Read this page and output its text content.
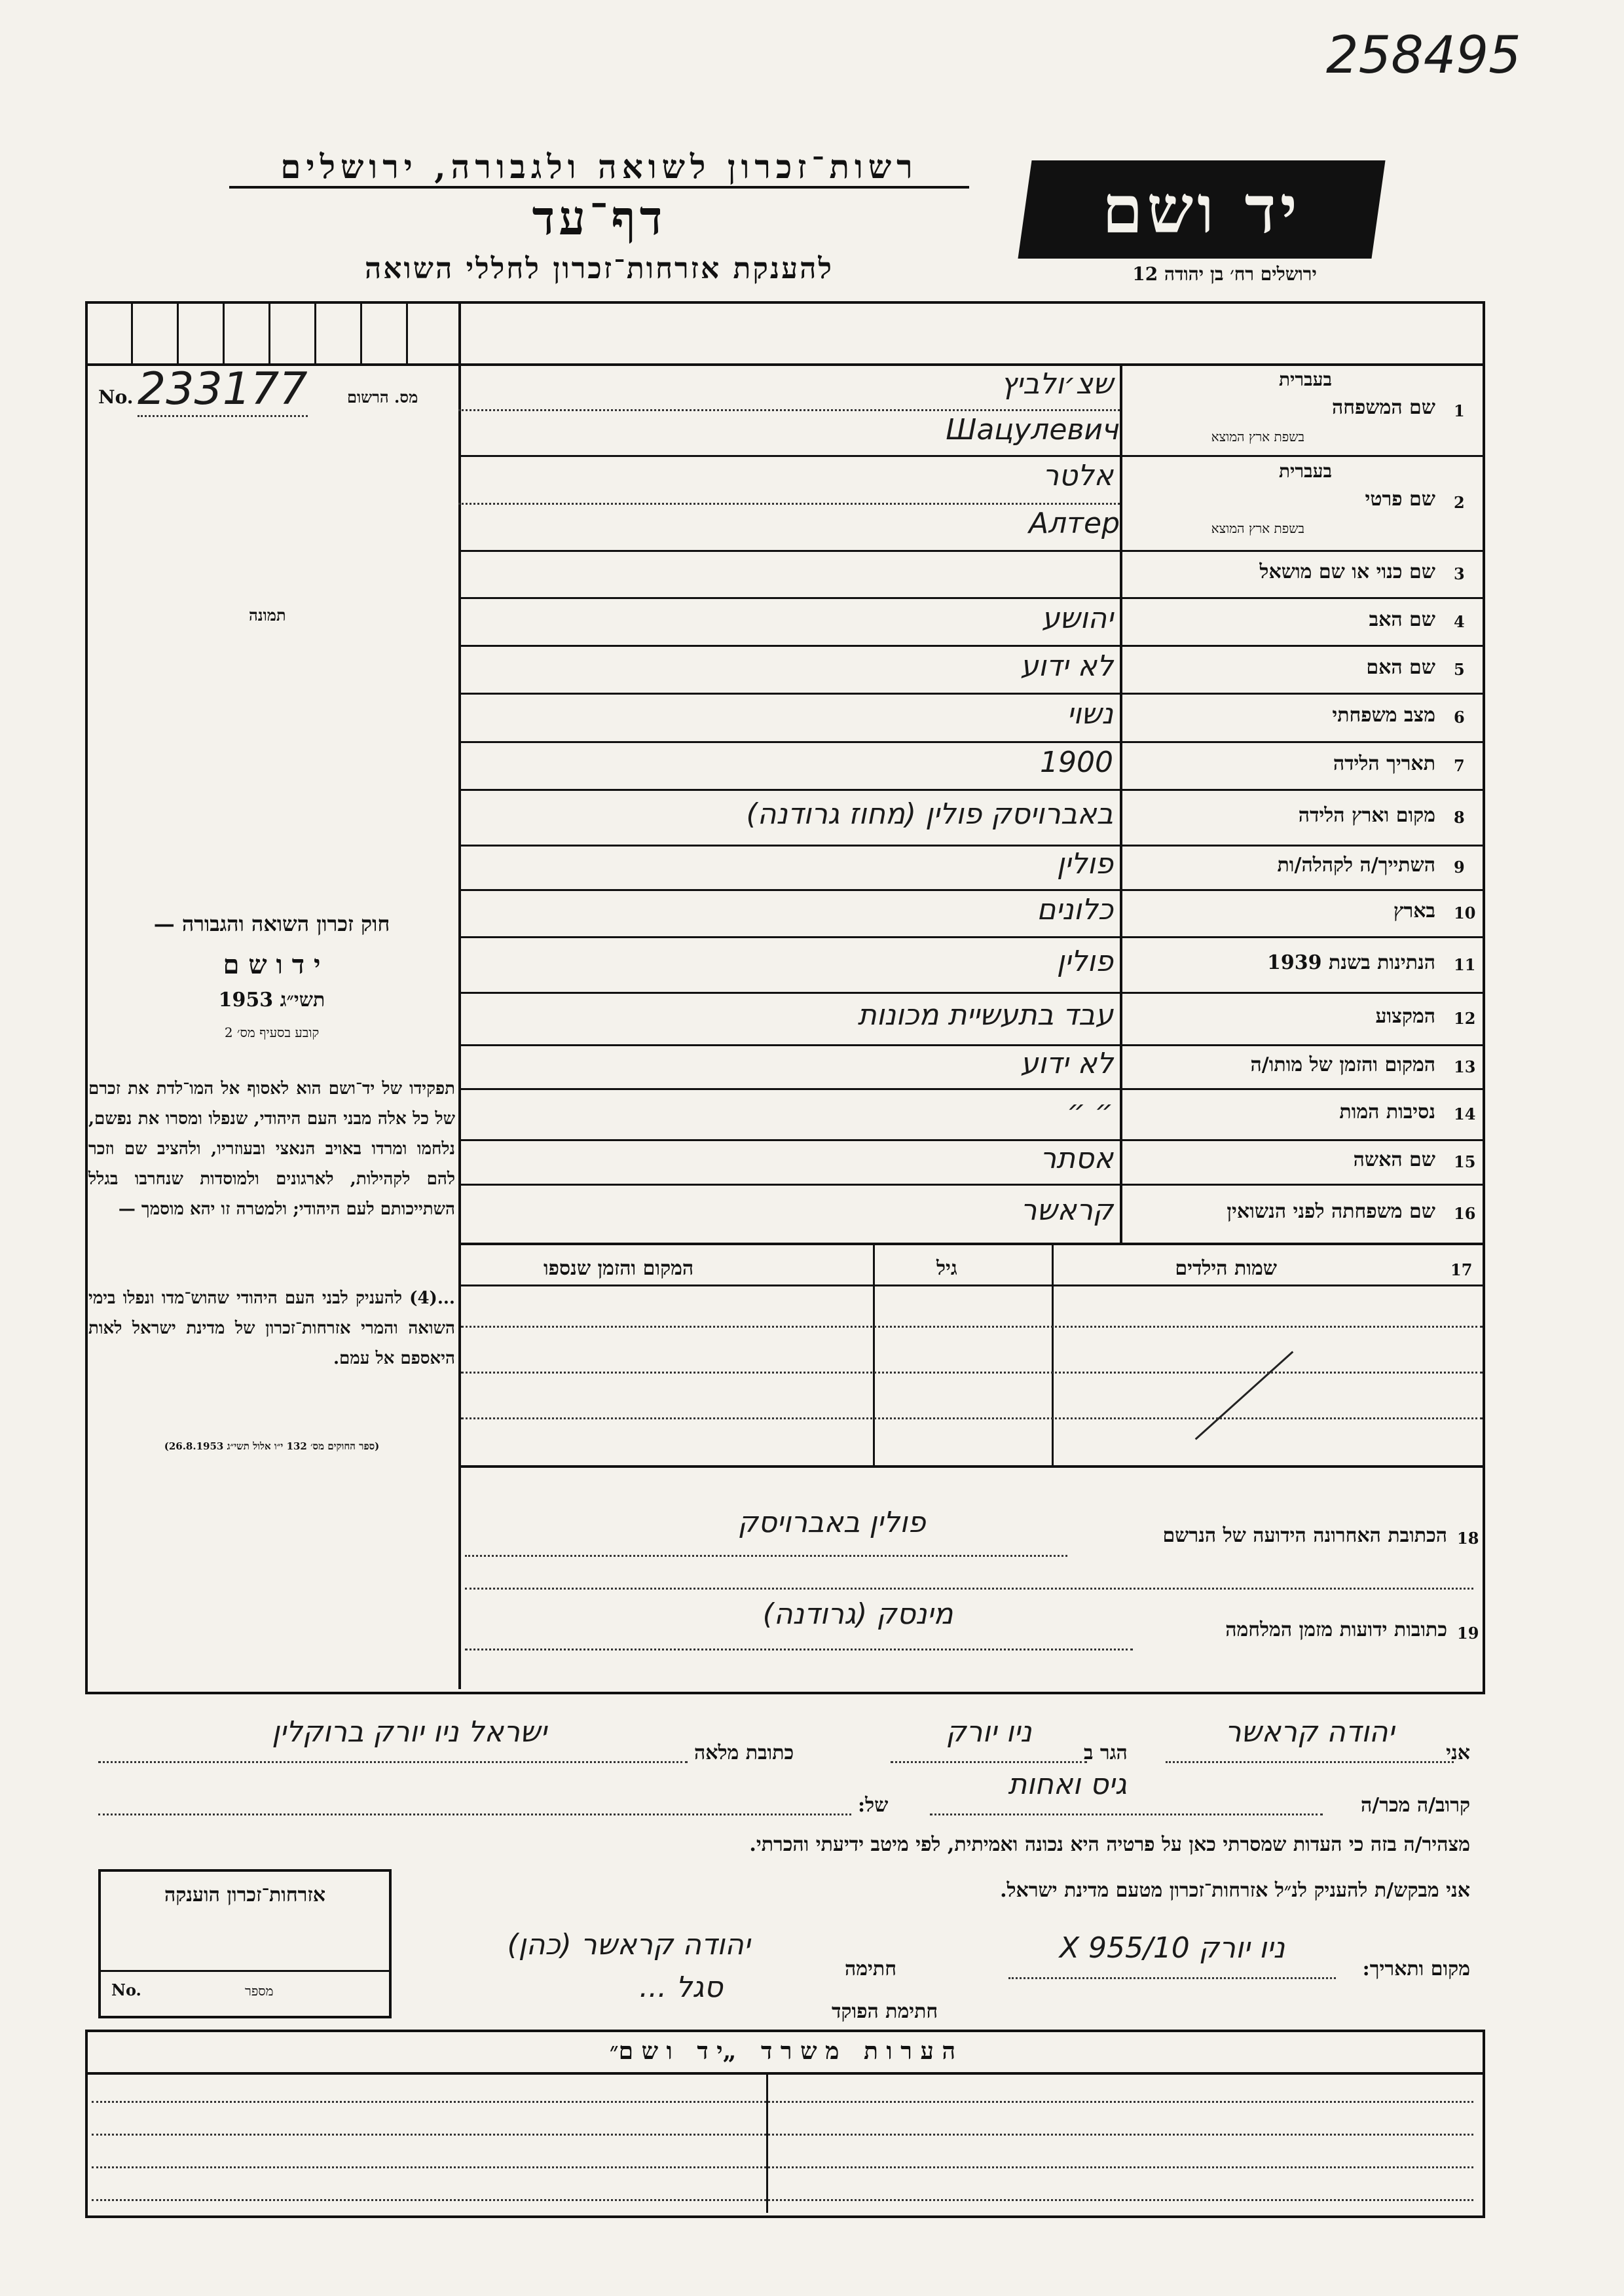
258495
רשות־זכרון לשואה ולגבורה, ירושלים
דף־עד
להענקת אזרחות־זכרון לחללי השואה
יד ושם
ירושלים רח׳ בן יהודה 12
No. 233177	מס. הרשום
תמונה
חוק זכרון השואה והגבורה —
י ד ו ש ם
תשי״ג 1953
קובע בסעיף מס׳ 2
תפקידו של יד־ושם הוא לאסוף אל המו־לדת את זכרם של כל אלה מבני העם היהודי, שנפלו ומסרו את נפשם, נלחמו ומרדו באויב הנאצי ובעוזריו, ולהציב שם וזכר להם לקהילות, לארגונים ולמוסדות שנחרבו בגלל השתייכותם לעם היהודי; ולמטרה זו יהא מוסמך —
...(4) להעניק לבני העם היהודי שהוש־מדו ונפלו בימי השואה והמרי אזרחות־זכרון של מדינת ישראל לאות היאספם אל עמם.
(ספר החוקים מס׳ 132 י״ו אלול תשי״ג 26.8.1953)
1
שם המשפחה
בעברית
בשפת ארץ המוצא
Шацулевич
שצ׳ולביץ
2
שם פרטי
בעברית
בשפת ארץ המוצא
Алтер
אלטר
3
שם כנוי או שם מושאל
4
שם האב
יהושע
5
שם האם
לא ידוע
6
מצב משפחתי
נשוי
7
תאריך הלידה
1900
8
מקום וארץ הלידה
באברויסק פולין (מחוז גרודנה)
9
השתייך/ה לקהלה/ות
פולין
10
בארץ
כלונים
11
הנתינות בשנת 1939
פולין
12
המקצוע
עבד בתעשיית מכונות
13
המקום והזמן של מותו/ה
לא ידוע
14
נסיבות המות
״ ״
15
שם האשה
אסתר
16
שם משפחתה לפני הנשואין
קראשר
17
שמות הילדים
גיל
המקום והזמן שנספו
18
הכתובת האחרונה הידועה של הנרשם
פולין באברויסק
19
כתובות ידועות מזמן המלחמה
מינסק (גרודנה)
אני
יהודה קראשר
הגר ב
ניו יורק
כתובת מלאה
ישראל ניו יורק ברוקלין
קרוב/ה מכר/ה
גיס ואחות
של:
מצהיר/ה בזה כי העדות שמסרתי כאן על פרטיה היא נכונה ואמיתית, לפי מיטב ידיעתי והכרתי.
אני מבקש/ת להעניק לנ״ל אזרחות־זכרון מטעם מדינת ישראל.
מקום ותאריך:
ניו יורק 10/X 955
חתימה
יהודה קראשר (כהן)
חתימת הפוקד
סגל ...
אזרחות־זכרון הוענקה
No.	מספר
ה ע ר ו ת   מ ש ר ד   „י ד   ו ש ם״
